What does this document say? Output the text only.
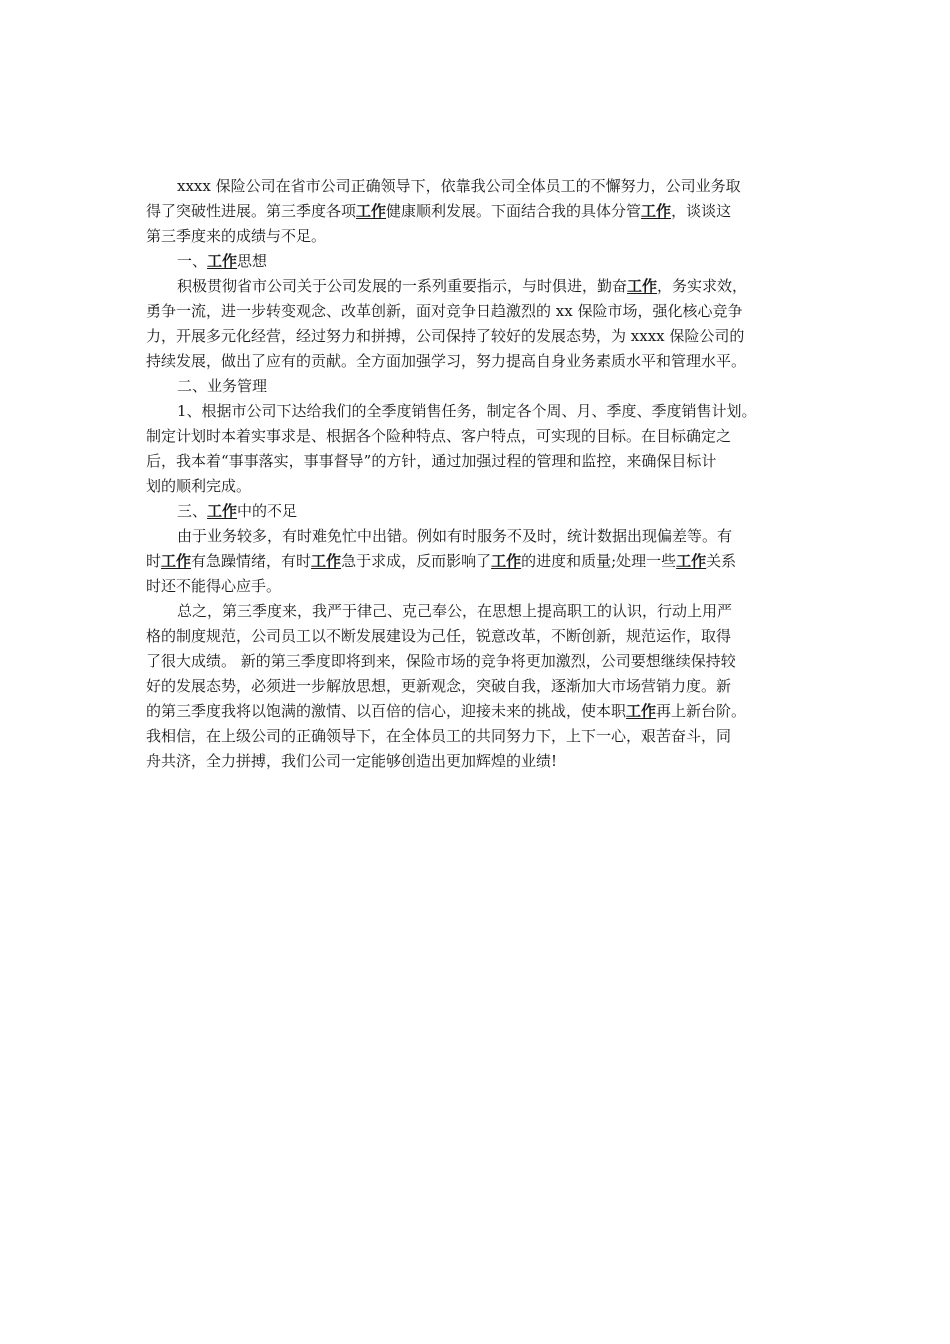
xxxx 保险公司在省市公司正确领导下，依靠我公司全体员工的不懈努力，公司业务取
得了突破性进展。第三季度各项工作健康顺利发展。下面结合我的具体分管工作，谈谈这
第三季度来的成绩与不足。
一、工作思想
积极贯彻省市公司关于公司发展的一系列重要指示，与时俱进，勤奋工作，务实求效，
勇争一流，进一步转变观念、改革创新，面对竞争日趋激烈的 xx 保险市场，强化核心竞争
力，开展多元化经营，经过努力和拼搏，公司保持了较好的发展态势，为 xxxx 保险公司的
持续发展，做出了应有的贡献。全方面加强学习，努力提高自身业务素质水平和管理水平。
二、业务管理
1、根据市公司下达给我们的全季度销售任务，制定各个周、月、季度、季度销售计划。
制定计划时本着实事求是、根据各个险种特点、客户特点，可实现的目标。在目标确定之
后，我本着“事事落实，事事督导”的方针，通过加强过程的管理和监控，来确保目标计
划的顺利完成。
三、工作中的不足
由于业务较多，有时难免忙中出错。例如有时服务不及时，统计数据出现偏差等。有
时工作有急躁情绪，有时工作急于求成，反而影响了工作的进度和质量;处理一些工作关系
时还不能得心应手。
总之，第三季度来，我严于律己、克己奉公，在思想上提高职工的认识，行动上用严
格的制度规范，公司员工以不断发展建设为己任，锐意改革，不断创新，规范运作，取得
了很大成绩。 新的第三季度即将到来，保险市场的竞争将更加激烈，公司要想继续保持较
好的发展态势，必须进一步解放思想，更新观念，突破自我，逐渐加大市场营销力度。新
的第三季度我将以饱满的激情、以百倍的信心，迎接未来的挑战，使本职工作再上新台阶。
我相信，在上级公司的正确领导下，在全体员工的共同努力下，上下一心，艰苦奋斗，同
舟共济，全力拼搏，我们公司一定能够创造出更加辉煌的业绩!
